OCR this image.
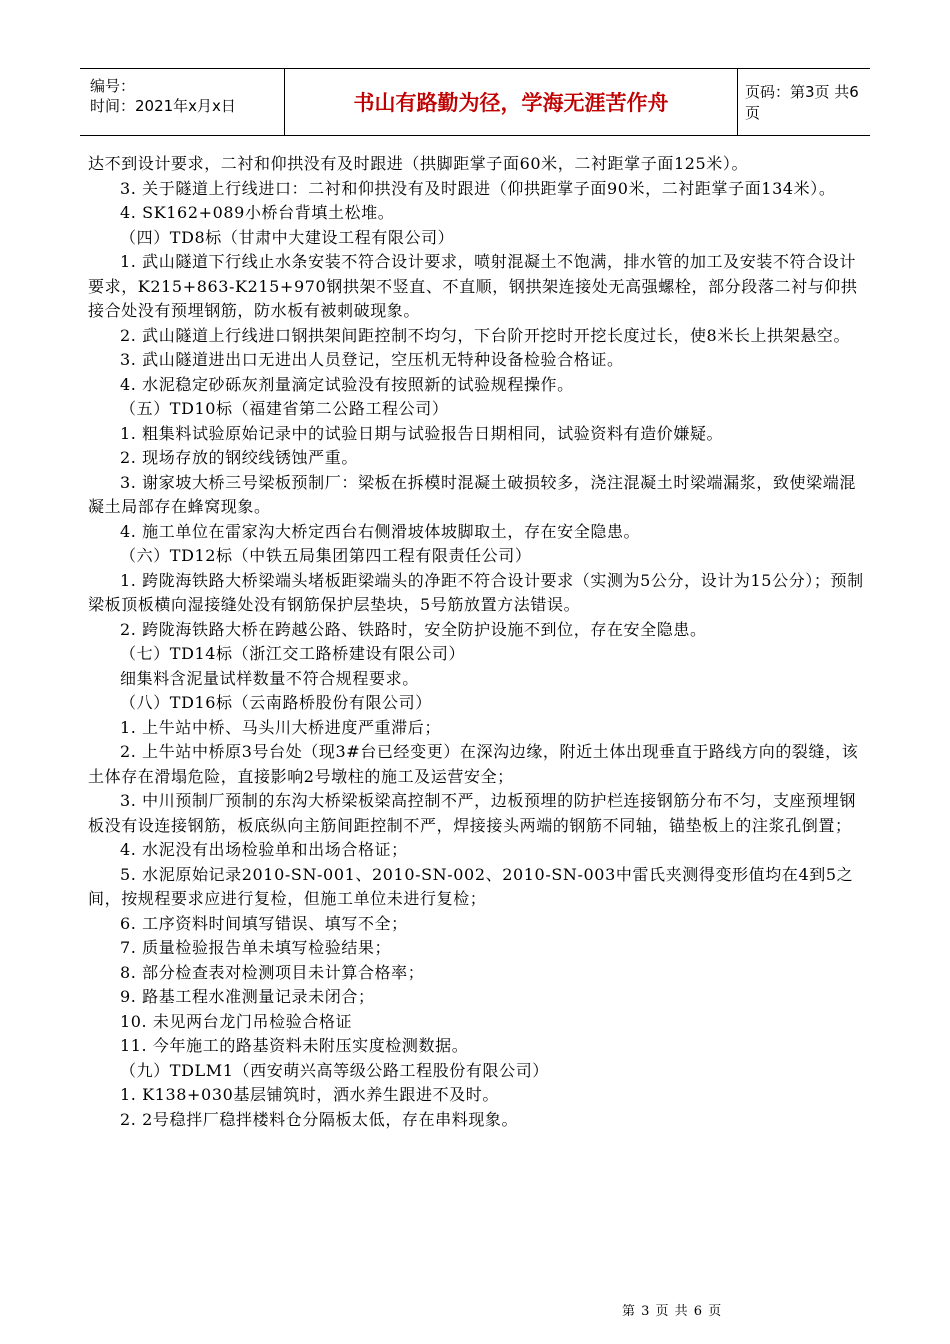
编号：
时间：2021年x月x日	书山有路勤为径，学海无涯苦作舟	页码：第3页 共6页

达不到设计要求，二衬和仰拱没有及时跟进（拱脚距掌子面60米，二衬距掌子面125米）。

3. 关于隧道上行线进口：二衬和仰拱没有及时跟进（仰拱距掌子面90米，二衬距掌子面134米）。

4. SK162+089小桥台背填土松堆。

（四）TD8标（甘肃中大建设工程有限公司）

1. 武山隧道下行线止水条安装不符合设计要求，喷射混凝土不饱满，排水管的加工及安装不符合设计要求，K215+863-K215+970钢拱架不竖直、不直顺，钢拱架连接处无高强螺栓，部分段落二衬与仰拱接合处没有预埋钢筋，防水板有被刺破现象。

2. 武山隧道上行线进口钢拱架间距控制不均匀，下台阶开挖时开挖长度过长，使8米长上拱架悬空。

3. 武山隧道进出口无进出人员登记，空压机无特种设备检验合格证。

4. 水泥稳定砂砾灰剂量滴定试验没有按照新的试验规程操作。

（五）TD10标（福建省第二公路工程公司）

1. 粗集料试验原始记录中的试验日期与试验报告日期相同，试验资料有造价嫌疑。

2. 现场存放的钢绞线锈蚀严重。

3. 谢家坡大桥三号梁板预制厂：梁板在拆模时混凝土破损较多，浇注混凝土时梁端漏浆，致使梁端混凝土局部存在蜂窝现象。

4. 施工单位在雷家沟大桥定西台右侧滑坡体坡脚取土，存在安全隐患。

（六）TD12标（中铁五局集团第四工程有限责任公司）

1. 跨陇海铁路大桥梁端头堵板距梁端头的净距不符合设计要求（实测为5公分，设计为15公分）；预制梁板顶板横向湿接缝处没有钢筋保护层垫块，5号筋放置方法错误。

2. 跨陇海铁路大桥在跨越公路、铁路时，安全防护设施不到位，存在安全隐患。

（七）TD14标（浙江交工路桥建设有限公司）

细集料含泥量试样数量不符合规程要求。

（八）TD16标（云南路桥股份有限公司）

1. 上牛站中桥、马头川大桥进度严重滞后；

2. 上牛站中桥原3号台处（现3#台已经变更）在深沟边缘，附近土体出现垂直于路线方向的裂缝，该土体存在滑塌危险，直接影响2号墩柱的施工及运营安全；

3. 中川预制厂预制的东沟大桥梁板梁高控制不严，边板预埋的防护栏连接钢筋分布不匀，支座预埋钢板没有设连接钢筋，板底纵向主筋间距控制不严，焊接接头两端的钢筋不同轴，锚垫板上的注浆孔倒置；

4. 水泥没有出场检验单和出场合格证；

5. 水泥原始记录2010-SN-001、2010-SN-002、2010-SN-003中雷氏夹测得变形值均在4到5之间，按规程要求应进行复检，但施工单位未进行复检；

6. 工序资料时间填写错误、填写不全；

7. 质量检验报告单未填写检验结果；

8. 部分检查表对检测项目未计算合格率；

9. 路基工程水准测量记录未闭合；

10. 未见两台龙门吊检验合格证

11. 今年施工的路基资料未附压实度检测数据。

（九）TDLM1（西安萌兴高等级公路工程股份有限公司）

1. K138+030基层铺筑时，洒水养生跟进不及时。

2. 2号稳拌厂稳拌楼料仓分隔板太低，存在串料现象。

第 3 页 共 6 页
